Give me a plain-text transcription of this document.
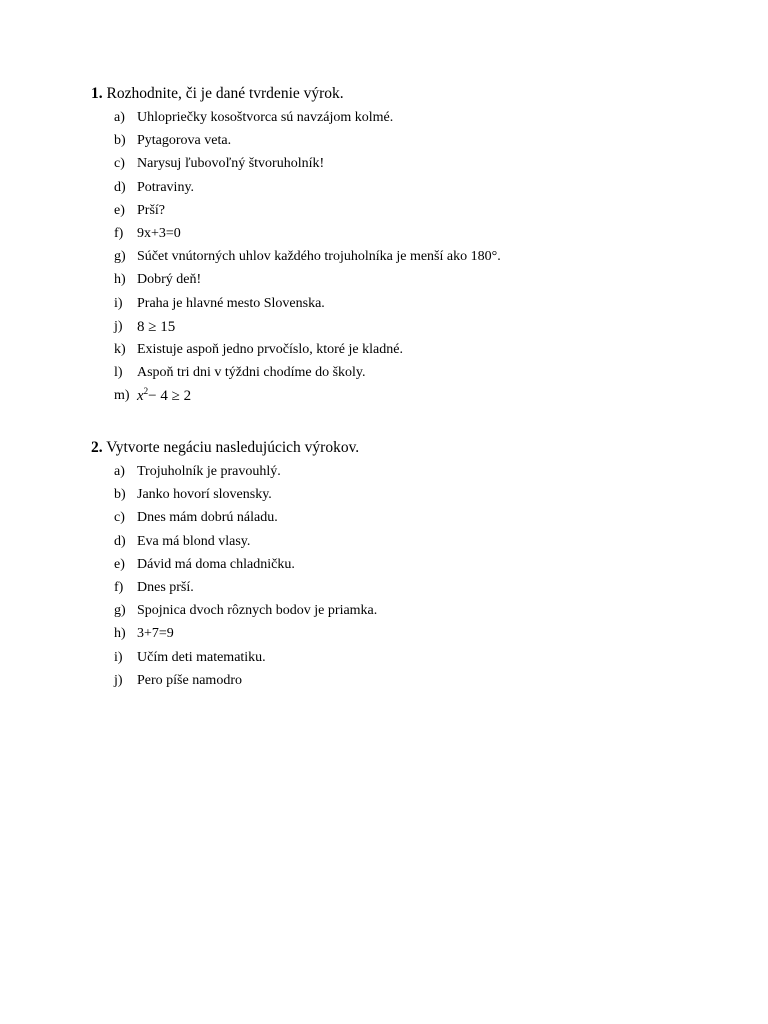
1. Rozhodnite, či je dané tvrdenie výrok.
a) Uhlopriečky kosoštvorca sú navzájom kolmé.
b) Pytagorova veta.
c) Narysuj ľubovoľný štvoruholník!
d) Potraviny.
e) Prší?
f) 9x+3=0
g) Súčet vnútorných uhlov každého trojuholníka je menší ako 180°.
h) Dobrý deň!
i) Praha je hlavné mesto Slovenska.
j) 8 ≥ 15
k) Existuje aspoň jedno prvočíslo, ktoré je kladné.
l) Aspoň tri dni v týždni chodíme do školy.
m) $x^2- 4 \ge 2$
2. Vytvorte negáciu nasledujúcich výrokov.
a) Trojuholník je pravouhlý.
b) Janko hovorí slovensky.
c) Dnes mám dobrú náladu.
d) Eva má blond vlasy.
e) Dávid má doma chladničku.
f) Dnes prší.
g) Spojnica dvoch rôznych bodov je priamka.
h) 3+7=9
i) Učím deti matematiku.
j) Pero píše namodro
